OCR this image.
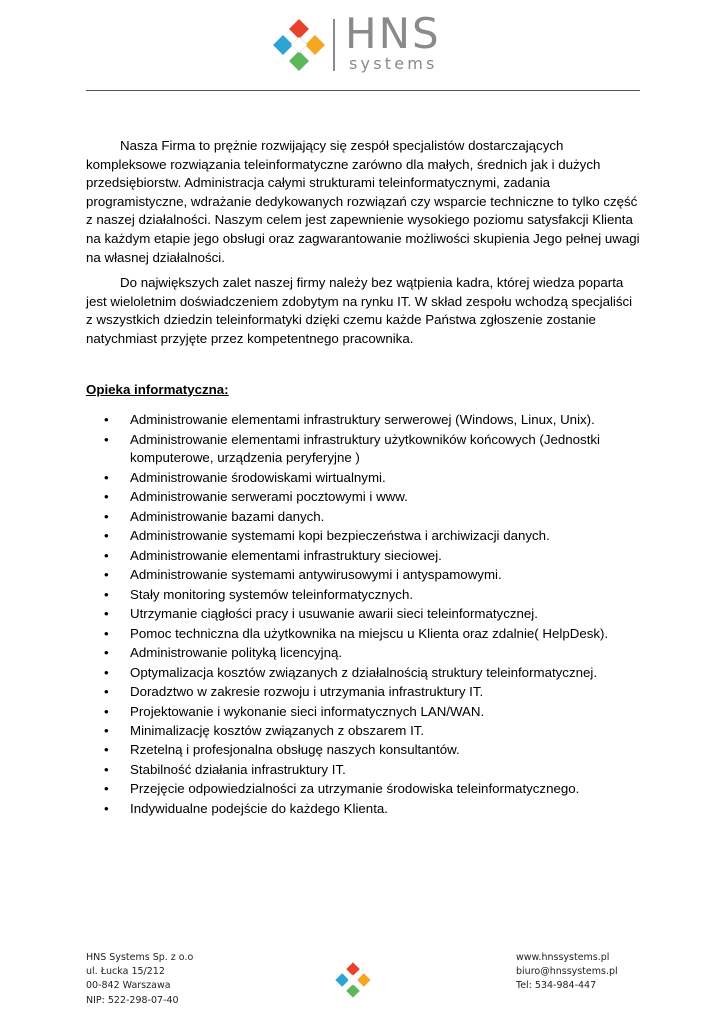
HNS
systems

Nasza Firma to prężnie rozwijający się zespół specjalistów dostarczających kompleksowe rozwiązania teleinformatyczne zarówno dla małych, średnich jak i dużych przedsiębiorstw. Administracja całymi strukturami teleinformatycznymi, zadania programistyczne, wdrażanie dedykowanych rozwiązań czy wsparcie techniczne to tylko część z naszej działalności. Naszym celem jest zapewnienie wysokiego poziomu satysfakcji Klienta na każdym etapie jego obsługi oraz zagwarantowanie możliwości skupienia Jego pełnej uwagi na własnej działalności.

Do największych zalet naszej firmy należy bez wątpienia kadra, której wiedza poparta jest wieloletnim doświadczeniem zdobytym na rynku IT. W skład zespołu wchodzą specjaliści z wszystkich dziedzin teleinformatyki dzięki czemu każde Państwa zgłoszenie zostanie natychmiast przyjęte przez kompetentnego pracownika.

Opieka informatyczna:
• Administrowanie elementami infrastruktury serwerowej (Windows, Linux, Unix).
• Administrowanie elementami infrastruktury użytkowników końcowych (Jednostki komputerowe, urządzenia peryferyjne )
• Administrowanie środowiskami wirtualnymi.
• Administrowanie serwerami pocztowymi i www.
• Administrowanie bazami danych.
• Administrowanie systemami kopi bezpieczeństwa i archiwizacji danych.
• Administrowanie elementami infrastruktury sieciowej.
• Administrowanie systemami antywirusowymi i antyspamowymi.
• Stały monitoring systemów teleinformatycznych.
• Utrzymanie ciągłości pracy i usuwanie awarii sieci teleinformatycznej.
• Pomoc techniczna dla użytkownika na miejscu u Klienta oraz zdalnie( HelpDesk).
• Administrowanie polityką licencyjną.
• Optymalizacja kosztów związanych z działalnością struktury teleinformatycznej.
• Doradztwo w zakresie rozwoju i utrzymania infrastruktury IT.
• Projektowanie i wykonanie sieci informatycznych LAN/WAN.
• Minimalizację kosztów związanych z obszarem IT.
• Rzetelną i profesjonalna obsługę naszych konsultantów.
• Stabilność działania infrastruktury IT.
• Przejęcie odpowiedzialności za utrzymanie środowiska teleinformatycznego.
• Indywidualne podejście do każdego Klienta.
HNS Systems Sp. z o.o
ul. Łucka 15/212
00-842 Warszawa
NIP: 522-298-07-40
www.hnssystems.pl
biuro@hnssystems.pl
Tel: 534-984-447
